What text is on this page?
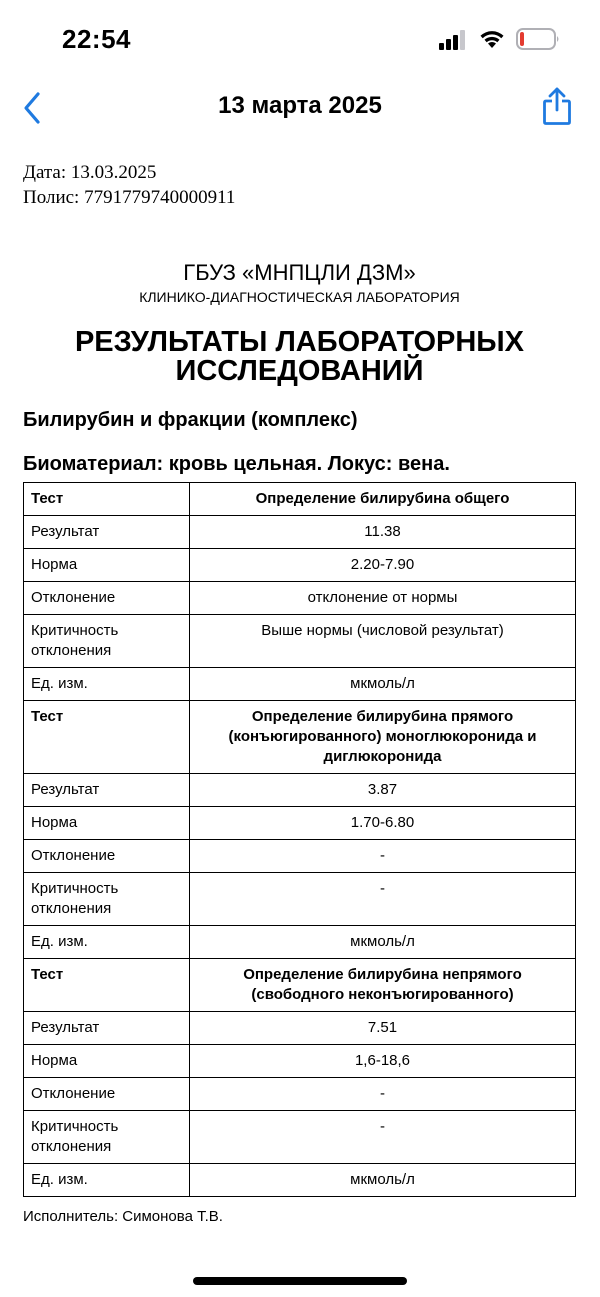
22:54
13 марта 2025

Дата: 13.03.2025

Полис: 7791779740000911

ГБУЗ «МНПЦЛИ ДЗМ»
КЛИНИКО-ДИАГНОСТИЧЕСКАЯ ЛАБОРАТОРИЯ
РЕЗУЛЬТАТЫ ЛАБОРАТОРНЫХ
ИССЛЕДОВАНИЙ
Билирубин и фракции (комплекс)
Биоматериал: кровь цельная. Локус: вена.
Тест	Определение билирубина общего
Результат	11.38
Норма	2.20-7.90
Отклонение	отклонение от нормы
Критичность отклонения	Выше нормы (числовой результат)
Ед. изм.	мкмоль/л
Тест	Определение билирубина прямого (конъюгированного) моноглюкоронида и диглюкоронида
Результат	3.87
Норма	1.70-6.80
Отклонение	-
Критичность отклонения	-
Ед. изм.	мкмоль/л
Тест	Определение билирубина непрямого (свободного неконъюгированного)
Результат	7.51
Норма	1,6-18,6
Отклонение	-
Критичность отклонения	-
Ед. изм.	мкмоль/л
Исполнитель: Симонова Т.В.
